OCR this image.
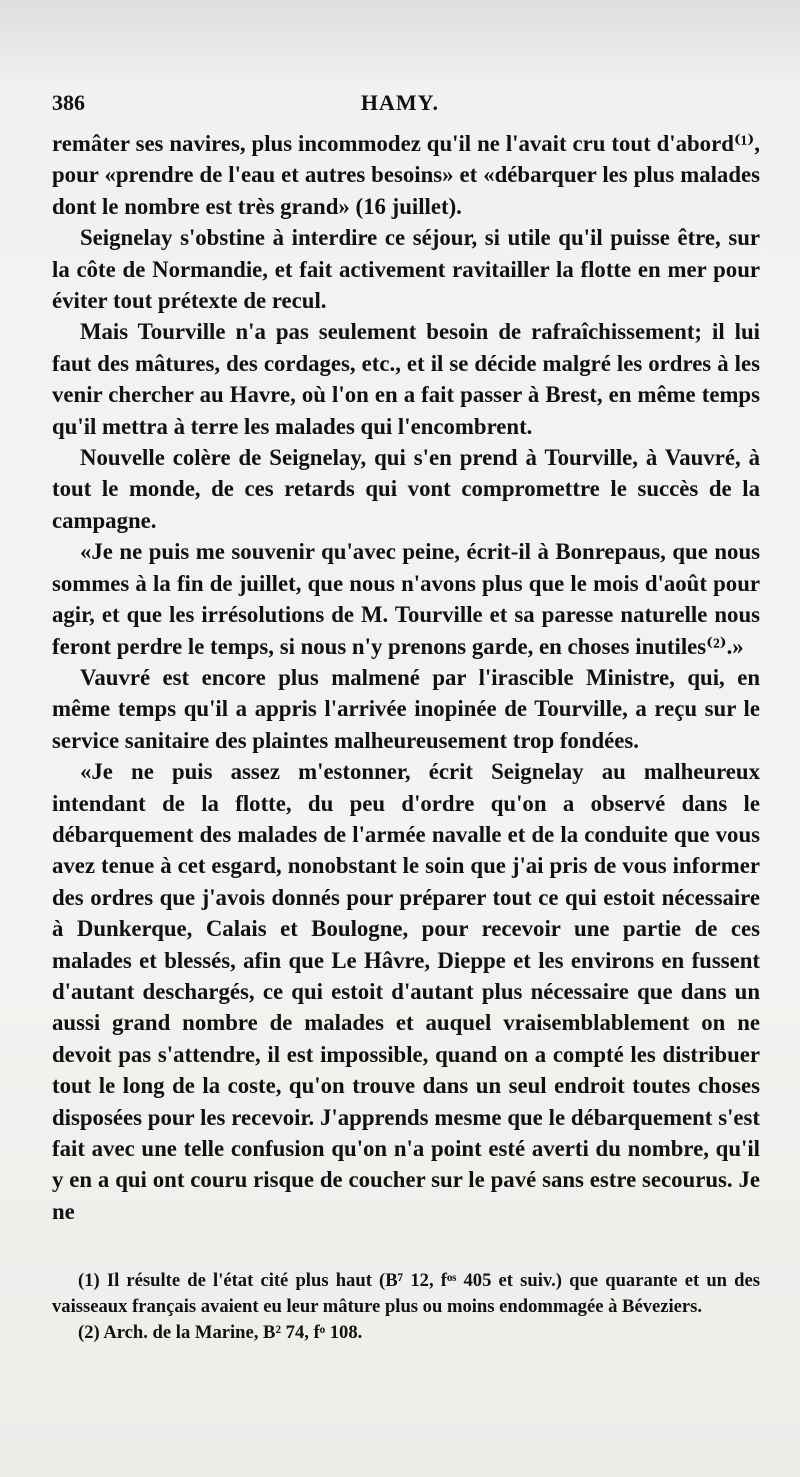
386	HAMY.

remâter ses navires, plus incommodez qu'il ne l'avait cru tout d'abord⁽¹⁾, pour «prendre de l'eau et autres besoins» et «débarquer les plus malades dont le nombre est très grand» (16 juillet).

Seignelay s'obstine à interdire ce séjour, si utile qu'il puisse être, sur la côte de Normandie, et fait activement ravitailler la flotte en mer pour éviter tout prétexte de recul.

Mais Tourville n'a pas seulement besoin de rafraîchissement; il lui faut des mâtures, des cordages, etc., et il se décide malgré les ordres à les venir chercher au Havre, où l'on en a fait passer à Brest, en même temps qu'il mettra à terre les malades qui l'encombrent.

Nouvelle colère de Seignelay, qui s'en prend à Tourville, à Vauvré, à tout le monde, de ces retards qui vont compromettre le succès de la campagne.

«Je ne puis me souvenir qu'avec peine, écrit-il à Bonrepaus, que nous sommes à la fin de juillet, que nous n'avons plus que le mois d'août pour agir, et que les irrésolutions de M. Tourville et sa paresse naturelle nous feront perdre le temps, si nous n'y prenons garde, en choses inutiles⁽²⁾.»

Vauvré est encore plus malmené par l'irascible Ministre, qui, en même temps qu'il a appris l'arrivée inopinée de Tourville, a reçu sur le service sanitaire des plaintes malheureusement trop fondées.

«Je ne puis assez m'estonner, écrit Seignelay au malheureux intendant de la flotte, du peu d'ordre qu'on a observé dans le débarquement des malades de l'armée navalle et de la conduite que vous avez tenue à cet esgard, nonobstant le soin que j'ai pris de vous informer des ordres que j'avois donnés pour préparer tout ce qui estoit nécessaire à Dunkerque, Calais et Boulogne, pour recevoir une partie de ces malades et blessés, afin que Le Hâvre, Dieppe et les environs en fussent d'autant deschargés, ce qui estoit d'autant plus nécessaire que dans un aussi grand nombre de malades et auquel vraisemblablement on ne devoit pas s'attendre, il est impossible, quand on a compté les distribuer tout le long de la coste, qu'on trouve dans un seul endroit toutes choses disposées pour les recevoir. J'apprends mesme que le débarquement s'est fait avec une telle confusion qu'on n'a point esté averti du nombre, qu'il y en a qui ont couru risque de coucher sur le pavé sans estre secourus. Je ne

(1) Il résulte de l'état cité plus haut (B⁷ 12, fᵒˢ 405 et suiv.) que quarante et un des vaisseaux français avaient eu leur mâture plus ou moins endommagée à Béveziers.

(2) Arch. de la Marine, B² 74, fᵒ 108.
